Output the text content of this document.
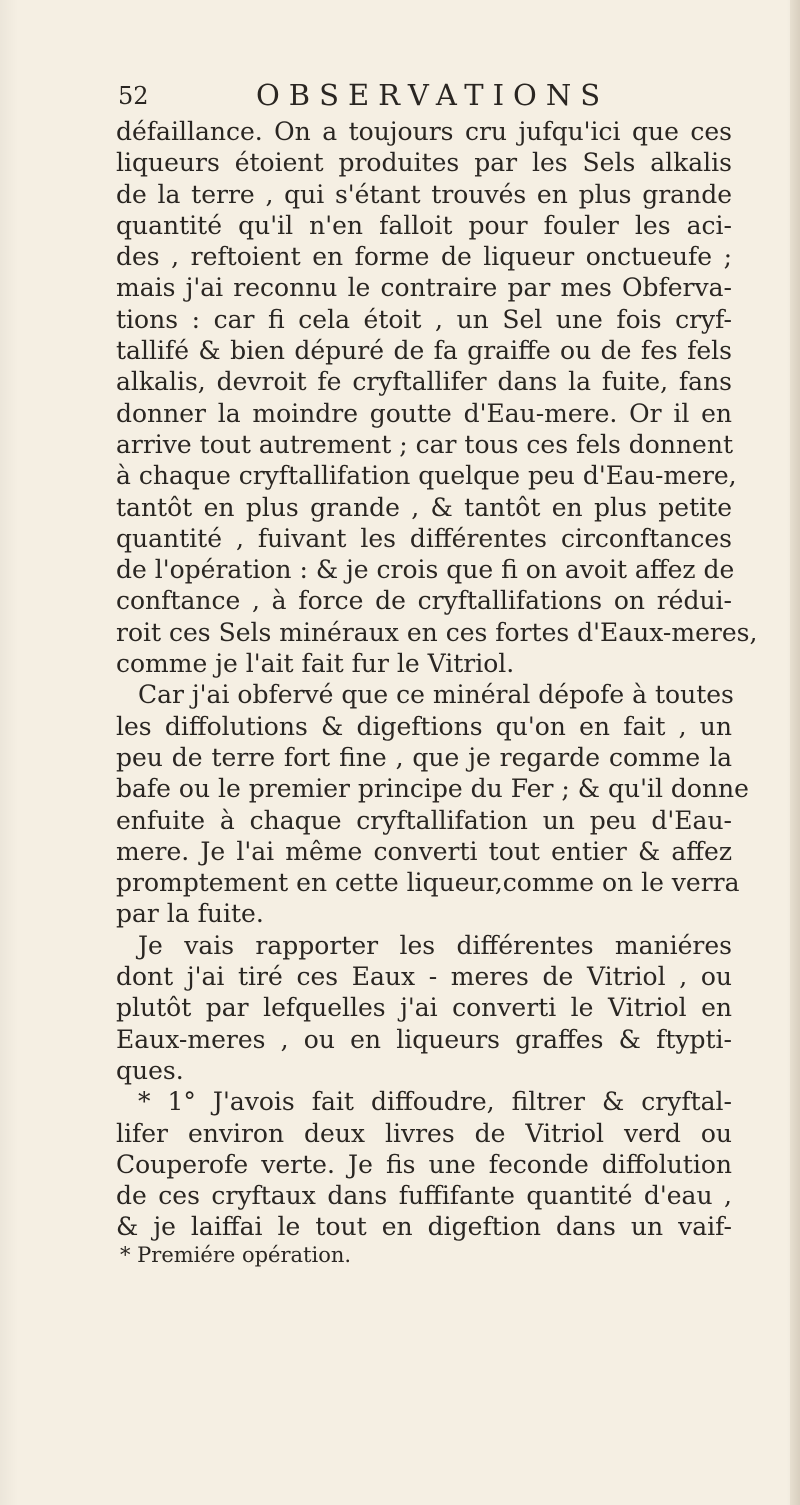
52	OBSERVATIONS
défaillance. On a toujours cru jufqu'ici que ces
liqueurs étoient produites par les Sels alkalis
de la terre , qui s'étant trouvés en plus grande
quantité qu'il n'en falloit pour fouler les aci-
des , reftoient en forme de liqueur onctueufe ;
mais j'ai reconnu le contraire par mes Obferva-
tions : car fi cela étoit , un Sel une fois cryf-
tallifé & bien dépuré de fa graiffe ou de fes fels
alkalis, devroit fe cryftallifer dans la fuite, fans
donner la moindre goutte d'Eau-mere. Or il en
arrive tout autrement ; car tous ces fels donnent
à chaque cryftallifation quelque peu d'Eau-mere,
tantôt en plus grande , & tantôt en plus petite
quantité , fuivant les différentes circonftances
de l'opération : & je crois que fi on avoit affez de
conftance , à force de cryftallifations on rédui-
roit ces Sels minéraux en ces fortes d'Eaux-meres,
comme je l'ait fait fur le Vitriol.
Car j'ai obfervé que ce minéral dépofe à toutes
les diffolutions & digeftions qu'on en fait , un
peu de terre fort fine , que je regarde comme la
bafe ou le premier principe du Fer ; & qu'il donne
enfuite à chaque cryftallifation un peu d'Eau-
mere. Je l'ai même converti tout entier & affez
promptement en cette liqueur,comme on le verra
par la fuite.
Je vais rapporter les différentes maniéres
dont j'ai tiré ces Eaux - meres de Vitriol , ou
plutôt par lefquelles j'ai converti le Vitriol en
Eaux-meres , ou en liqueurs graffes & ftypti-
ques.
* 1° J'avois fait diffoudre, filtrer & cryftal-
lifer environ deux livres de Vitriol verd ou
Couperofe verte. Je fis une feconde diffolution
de ces cryftaux dans fuffifante quantité d'eau ,
& je laiffai le tout en digeftion dans un vaif-
* Premiére opération.
